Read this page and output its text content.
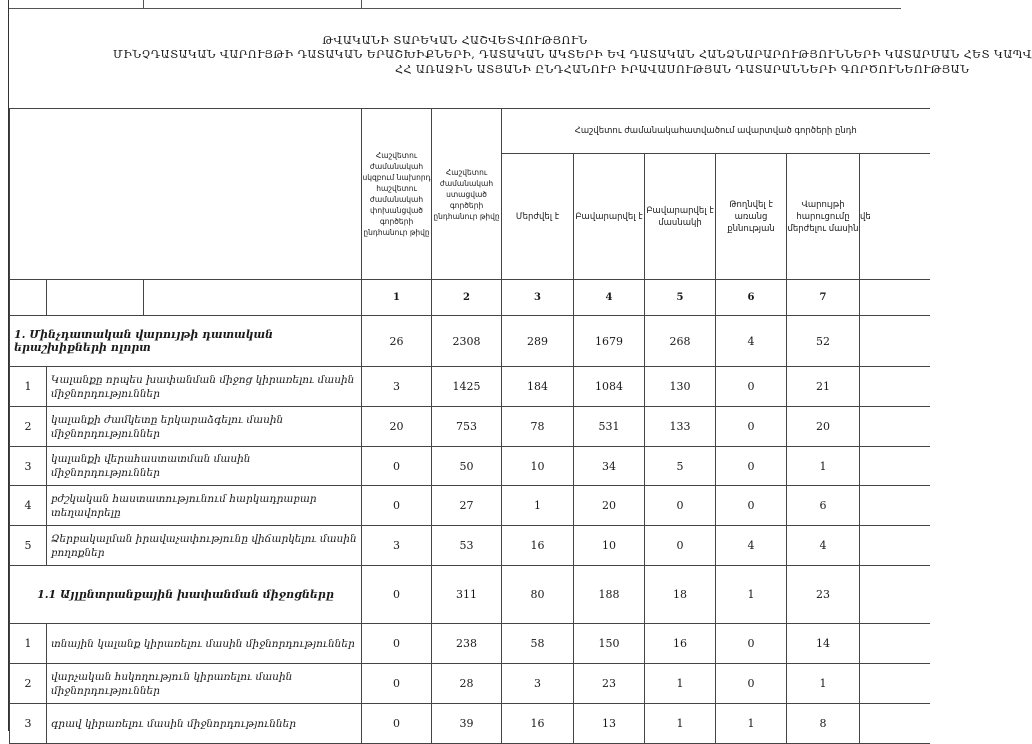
ԹՎԱԿԱՆԻ ՏԱՐԵԿԱՆ ՀԱՇՎԵՏՎՈՒԹՅՈՒՆ
ՄԻՆՉԴԱՏԱԿԱՆ ՎԱՐՈՒՅԹԻ ԴԱՏԱԿԱՆ ԵՐԱՇԽԻՔՆԵՐԻ, ԴԱՏԱԿԱՆ ԱԿՏԵՐԻ ԵՎ ԴԱՏԱԿԱՆ ՀԱՆՁՆԱՐԱՐՈՒԹՅՈՒՆՆԵՐԻ ԿԱՏԱՐՄԱՆ ՀԵՏ ԿԱՊՎ
ՀՀ ԱՌԱՋԻՆ ԱՏՅԱՆԻ ԸՆԴՀԱՆՈՒՐ ԻՐԱՎԱՍՈՒԹՅԱՆ ԴԱՏԱՐԱՆՆԵՐԻ ԳՈՐԾՈՒՆԵՈՒԹՅԱՆ
			Հաշվետու ժամանակահ սկզբում նախորդ հաշվետու ժամանակահ փոխանցված գործերի ընդհանուր թիվը	Հաշվետու ժամանակահ ստացված գործերի ընդհանուր թիվը	Հաշվետու ժամանակահատվածում ավարտված գործերի ընդհ					
					Մերժվել է	Բավարարվել է	Բավարարվել է մասնակի	Թողնվել է առանց քննության	Վարույթի հարուցումը մերժելու մասին	վե
			1	2	3	4	5	6	7	
1. Մինչդատական վարույթի դատական երաշխիքների ոլորտ			26	2308	289	1679	268	4	52	
1	Կալանքը որպես խափանման միջոց կիրառելու մասին միջնորդություններ		3	1425	184	1084	130	0	21	
2	կալանքի ժամկետը երկարաձգելու մասին միջնորդություններ		20	753	78	531	133	0	20	
3	կալանքի վերահաստատման մասին միջնորդություններ		0	50	10	34	5	0	1	
4	բժշկական հաստատությունում հարկադրաբար տեղավորելը		0	27	1	20	0	0	6	
5	Ձերբակալման իրավաչափությունը վիճարկելու մասին բողոքներ		3	53	16	10	0	4	4	
1.1 Այլընտրանքային խափանման միջոցները			0	311	80	188	18	1	23	
1	տնային կալանք կիրառելու մասին միջնորդություններ		0	238	58	150	16	0	14	
2	վարչական հսկողություն կիրառելու մասին միջնորդություններ		0	28	3	23	1	0	1	
3	գրավ կիրառելու մասին միջնորդություններ		0	39	16	13	1	1	8	
